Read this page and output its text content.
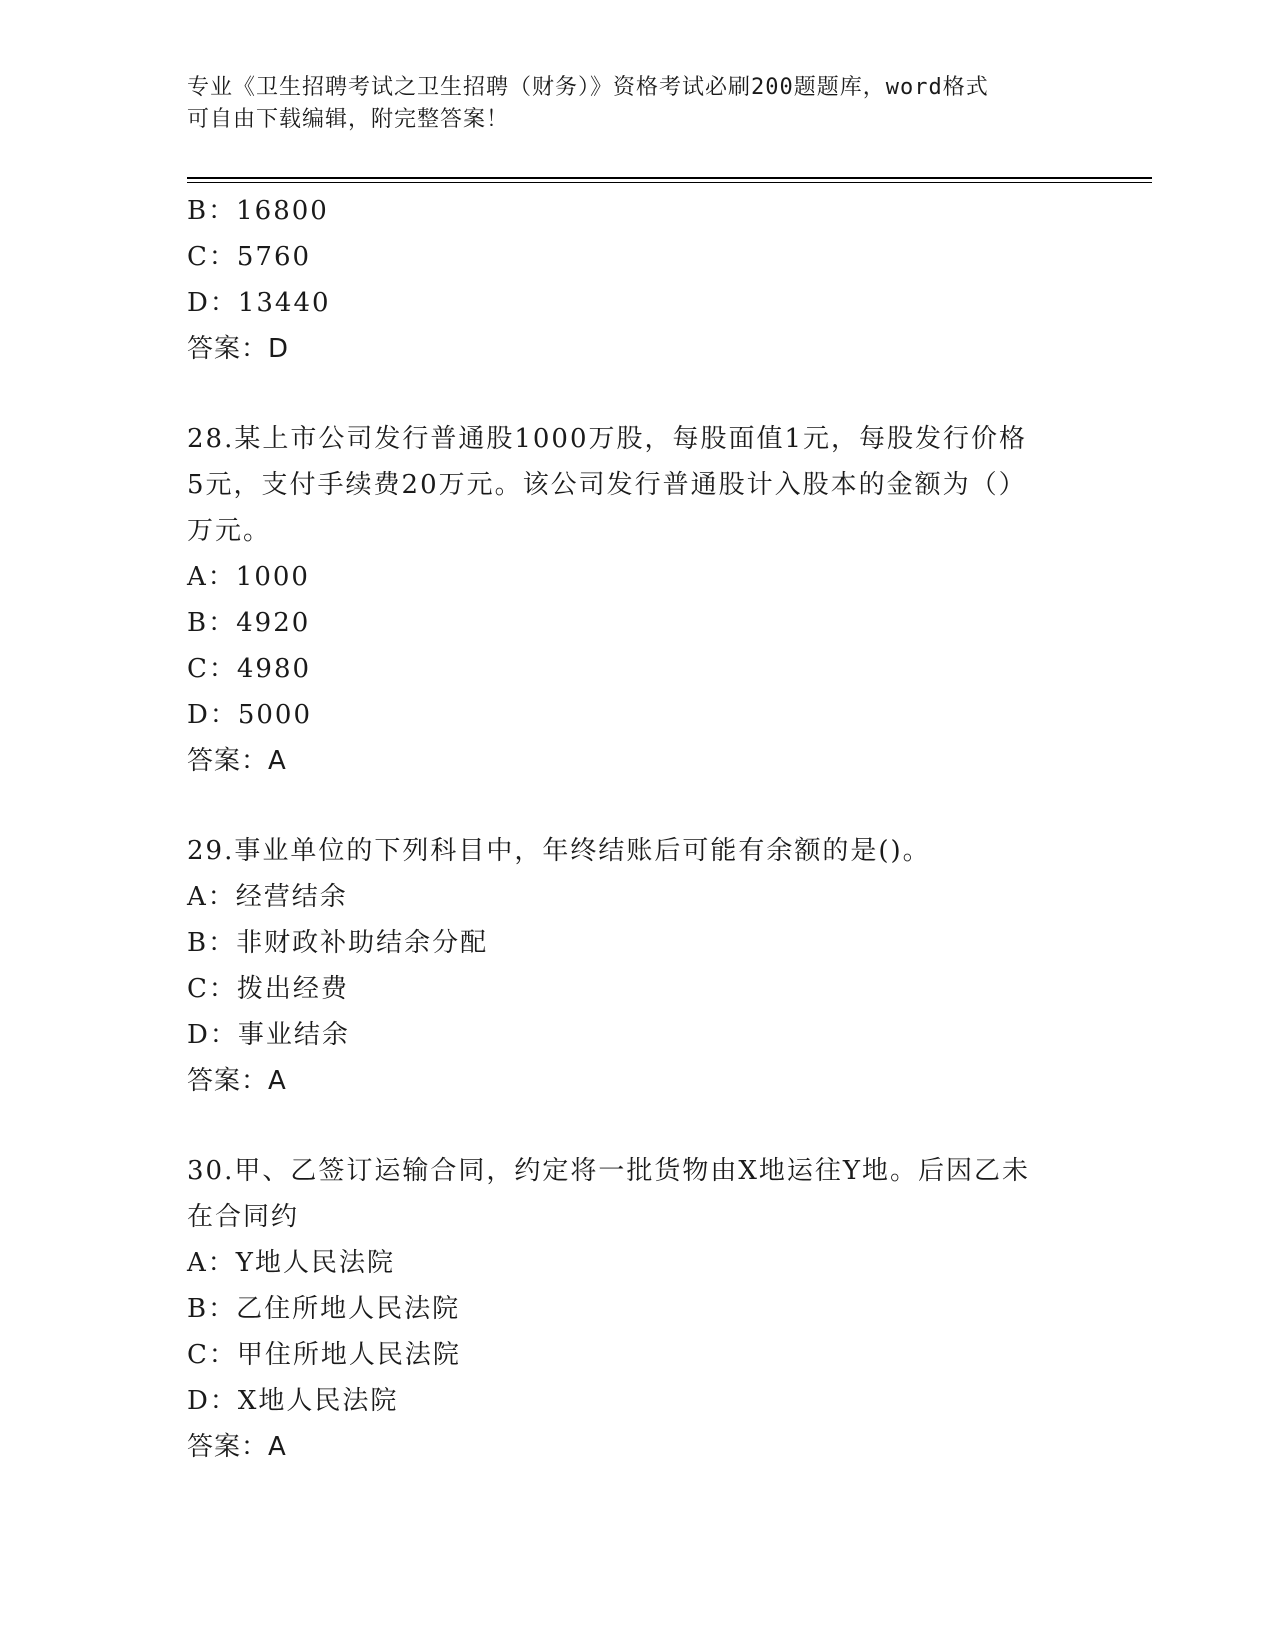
专业《卫生招聘考试之卫生招聘（财务）》资格考试必刷200题题库，word格式
可自由下载编辑，附完整答案！
B：16800
C：5760
D：13440
答案：D
28.某上市公司发行普通股1000万股，每股面值1元，每股发行价格
5元，支付手续费20万元。该公司发行普通股计入股本的金额为（）
万元。
A：1000
B：4920
C：4980
D：5000
答案：A
29.事业单位的下列科目中，年终结账后可能有余额的是()。
A：经营结余
B：非财政补助结余分配
C：拨出经费
D：事业结余
答案：A
30.甲、乙签订运输合同，约定将一批货物由X地运往Y地。后因乙未
在合同约
A：Y地人民法院
B：乙住所地人民法院
C：甲住所地人民法院
D：X地人民法院
答案：A
